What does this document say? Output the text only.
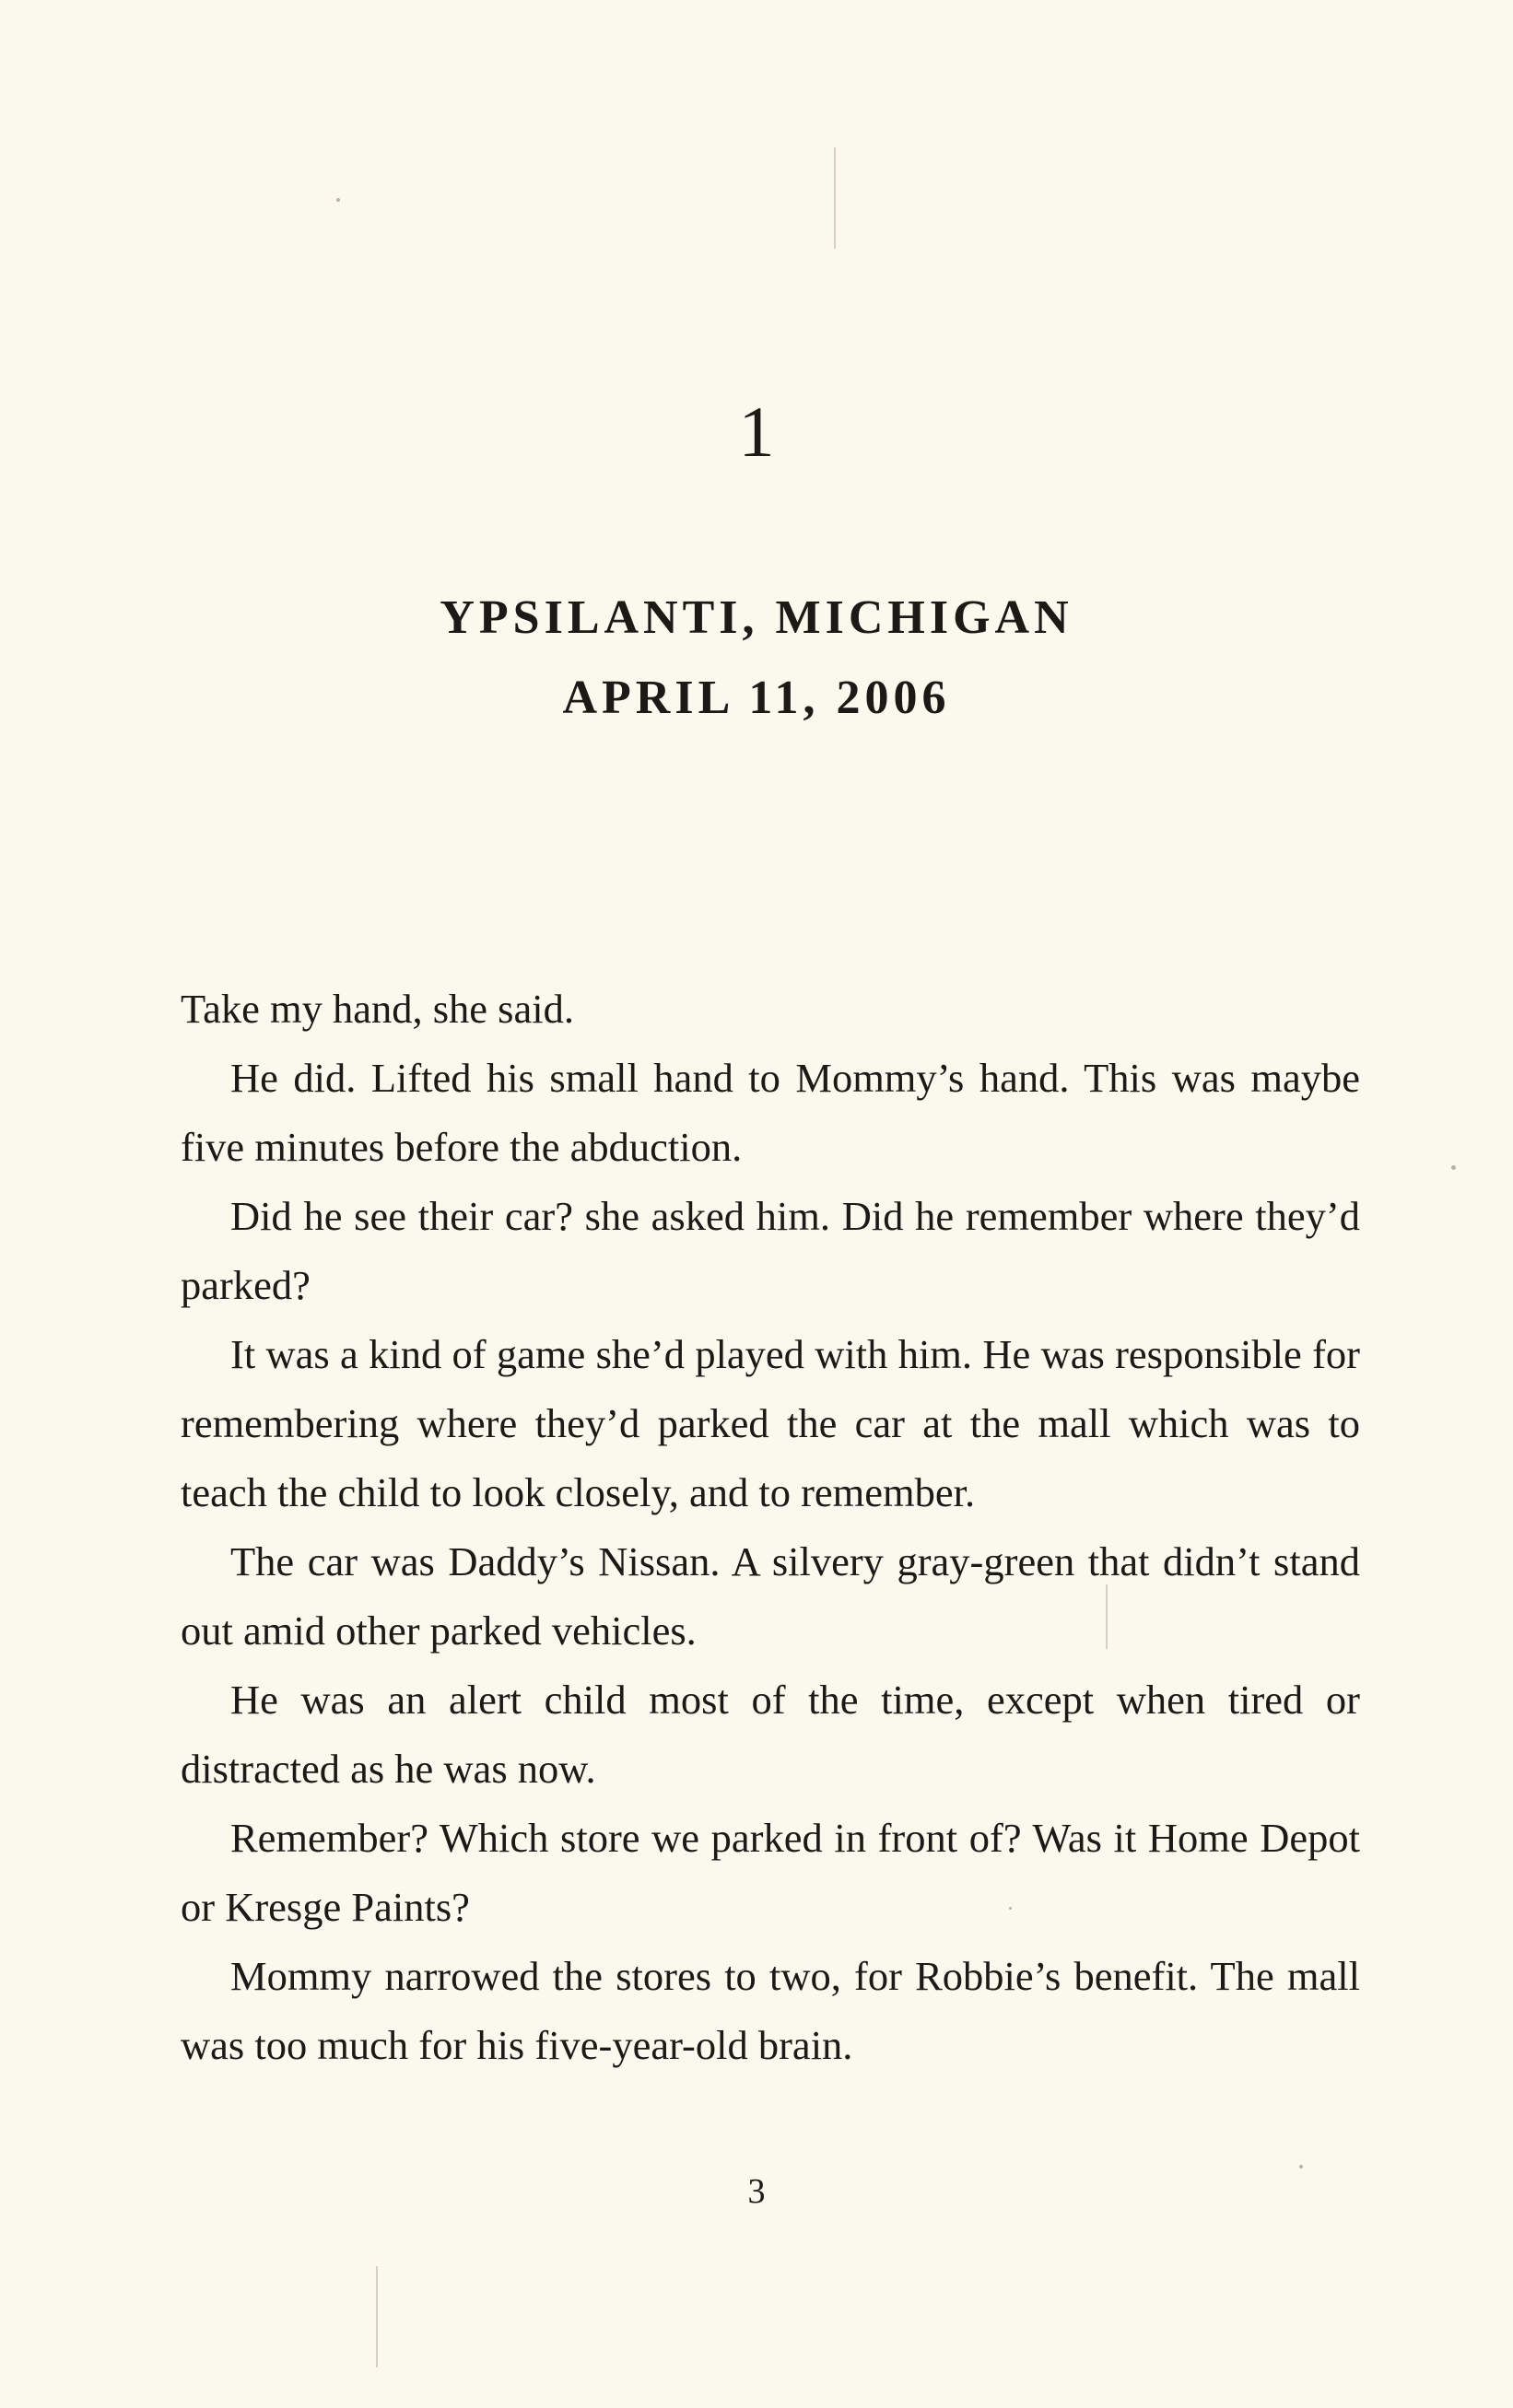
1
YPSILANTI, MICHIGAN
APRIL 11, 2006

Take my hand, she said.

He did. Lifted his small hand to Mommy’s hand. This was maybe five minutes before the abduction.

Did he see their car? she asked him. Did he remember where they’d parked?

It was a kind of game she’d played with him. He was responsible for remembering where they’d parked the car at the mall which was to teach the child to look closely, and to remember.

The car was Daddy’s Nissan. A silvery gray-green that didn’t stand out amid other parked vehicles.

He was an alert child most of the time, except when tired or distracted as he was now.

Remember? Which store we parked in front of? Was it Home Depot or Kresge Paints?

Mommy narrowed the stores to two, for Robbie’s benefit. The mall was too much for his five-year-old brain.

3
